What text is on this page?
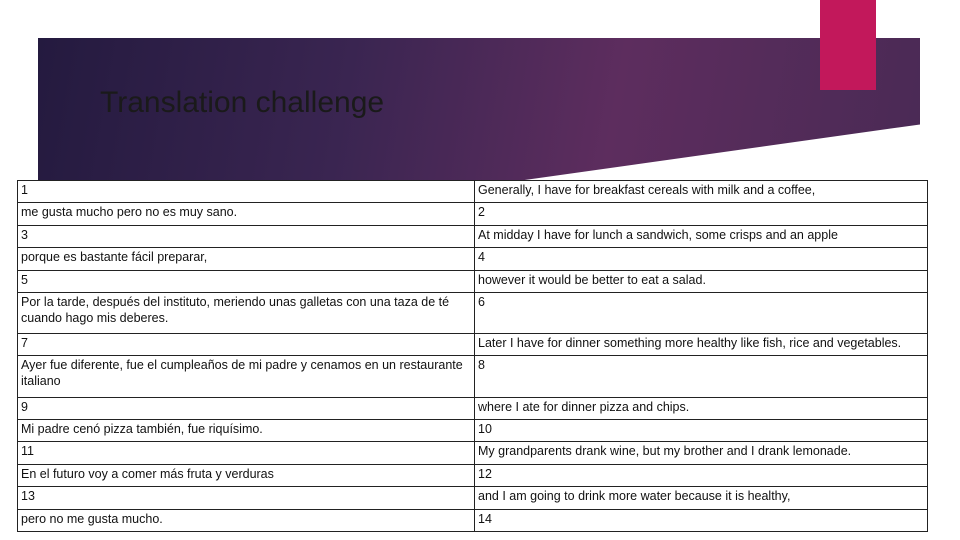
Translation challenge
1	Generally, I have for breakfast cereals with milk and a coffee,
me gusta mucho pero no es muy sano.	2
3	At midday I have for lunch a sandwich, some crisps and an apple
porque es bastante fácil preparar,	4
5	however it would be better to eat a salad.
Por la tarde, después del instituto, meriendo unas galletas con una taza de té cuando hago mis deberes.	6
7	Later I have for dinner something more healthy like fish, rice and vegetables.
Ayer fue diferente, fue el cumpleaños de mi padre y cenamos en un restaurante italiano	8
9	where I ate for dinner pizza and chips.
Mi padre cenó pizza también, fue riquísimo.	10
11	My grandparents drank wine, but my brother and I drank lemonade.
En el futuro voy a comer más fruta y verduras	12
13	and I am going to drink more water because it is healthy,
pero no me gusta mucho.	14
